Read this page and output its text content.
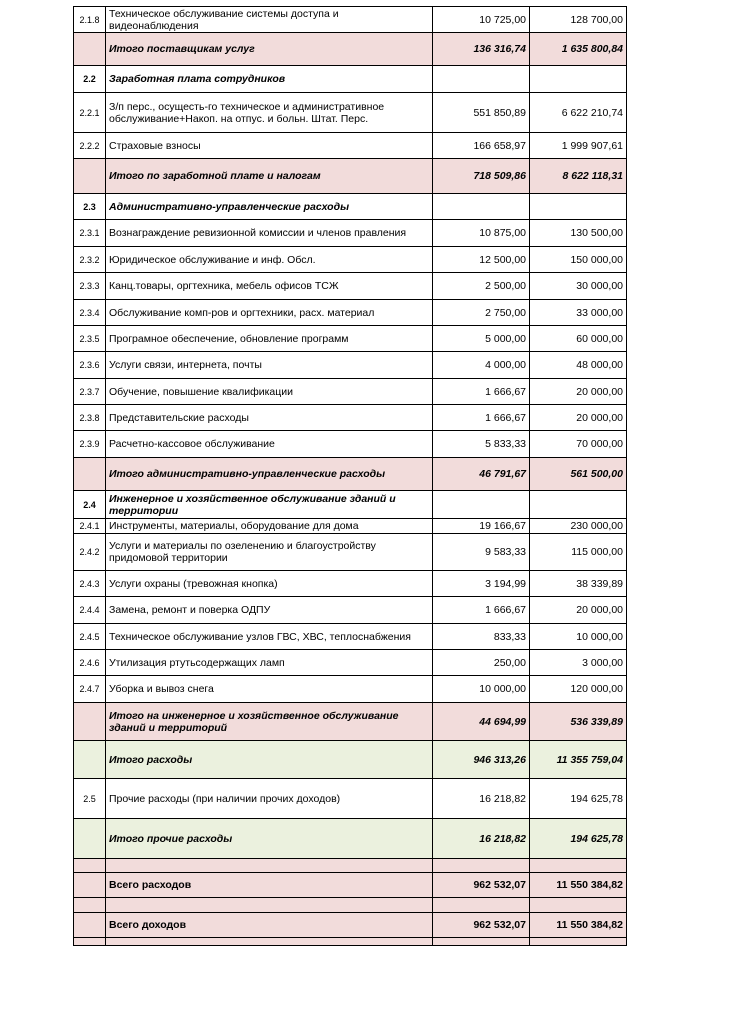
2.1.8	Техническое обслуживание системы доступа и видеонаблюдения	10 725,00	128 700,00
	Итого поставщикам услуг	136 316,74	1 635 800,84
2.2	Заработная плата сотрудников		
2.2.1	З/п перс., осущесть-го техническое и административное обслуживание+Накоп. на отпус. и больн. Штат. Перс.	551 850,89	6 622 210,74
2.2.2	Страховые взносы	166 658,97	1 999 907,61
	Итого по заработной плате и налогам	718 509,86	8 622 118,31
2.3	Административно-управленческие расходы		
2.3.1	Вознаграждение ревизионной комиссии и членов правления	10 875,00	130 500,00
2.3.2	Юридическое обслуживание и инф. Обсл.	12 500,00	150 000,00
2.3.3	Канц.товары, оргтехника, мебель офисов ТСЖ	2 500,00	30 000,00
2.3.4	Обслуживание комп-ров и оргтехники, расх. материал	2 750,00	33 000,00
2.3.5	Програмное обеспечение, обновление программ	5 000,00	60 000,00
2.3.6	Услуги связи, интернета, почты	4 000,00	48 000,00
2.3.7	Обучение, повышение квалификации	1 666,67	20 000,00
2.3.8	Представительские расходы	1 666,67	20 000,00
2.3.9	Расчетно-кассовое обслуживание	5 833,33	70 000,00
	Итого административно-управленческие расходы	46 791,67	561 500,00
2.4	Инженерное и хозяйственное обслуживание зданий и территории		
2.4.1	Инструменты, материалы, оборудование для дома	19 166,67	230 000,00
2.4.2	Услуги и материалы по озеленению и благоустройству придомовой территории	9 583,33	115 000,00
2.4.3	Услуги охраны (тревожная кнопка)	3 194,99	38 339,89
2.4.4	Замена, ремонт и поверка ОДПУ	1 666,67	20 000,00
2.4.5	Техническое обслуживание узлов ГВС, ХВС, теплоснабжения	833,33	10 000,00
2.4.6	Утилизация ртутьсодержащих ламп	250,00	3 000,00
2.4.7	Уборка и вывоз снега	10 000,00	120 000,00
	Итого на инженерное и хозяйственное обслуживание зданий и территорий	44 694,99	536 339,89
	Итого расходы	946 313,26	11 355 759,04
2.5	Прочие расходы (при наличии прочих доходов)	16 218,82	194 625,78
	Итого прочие расходы	16 218,82	194 625,78

	Всего расходов	962 532,07	11 550 384,82

	Всего доходов	962 532,07	11 550 384,82
